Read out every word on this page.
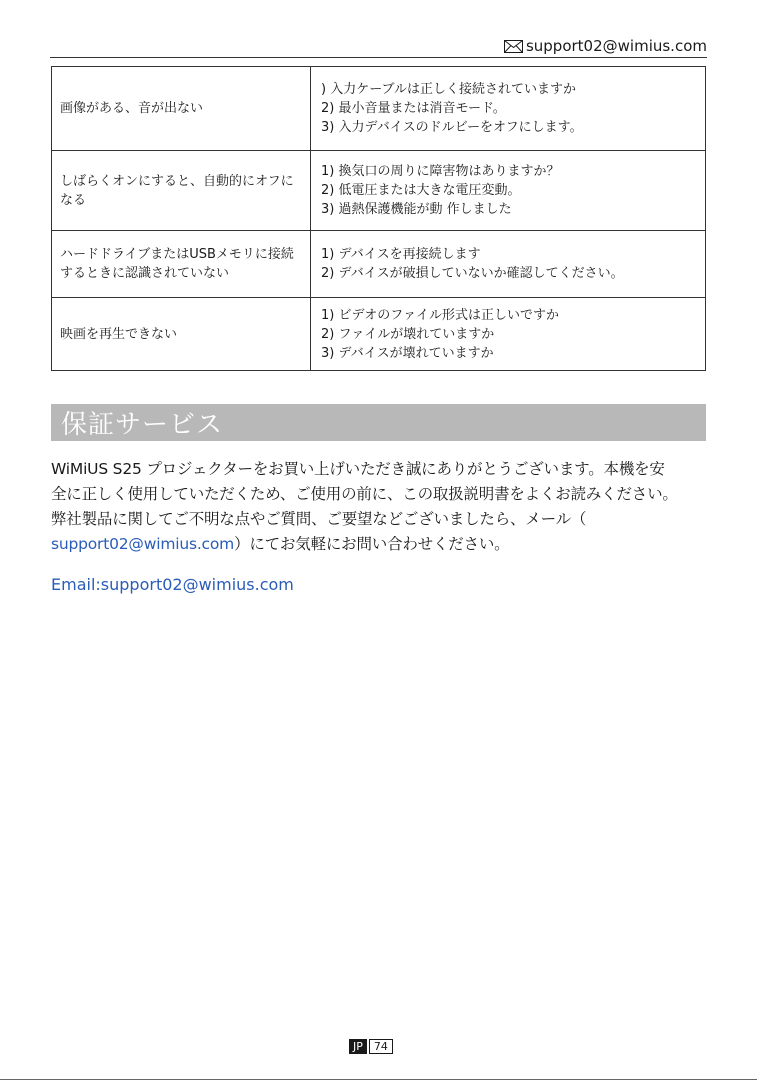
support02@wimius.com
画像がある、音が出ない	) 入力ケーブルは正しく接続されていますか
2) 最小音量または消音モード。
3) 入力デバイスのドルビーをオフにします。

しばらくオンにすると、自動的にオフになる	1) 換気口の周りに障害物はありますか？
2) 低電圧または大きな電圧変動。
3) 過熱保護機能が動 作しました

ハードドライブまたはUSBメモリに接続するときに認識されていない	1) デバイスを再接続します
2) デバイスが破損していないか確認してください。

映画を再生できない	1) ビデオのファイル形式は正しいですか
2) ファイルが壊れていますか
3) デバイスが壊れていますか
保証サービス
WiMiUS S25 プロジェクターをお買い上げいただき誠にありがとうございます。本機を安
全に正しく使用していただくため、ご使用の前に、この取扱説明書をよくお読みください。
弊社製品に関してご不明な点やご質問、ご要望などございましたら、メール（
support02@wimius.com）にてお気軽にお問い合わせください。
Email:support02@wimius.com
JP	74
